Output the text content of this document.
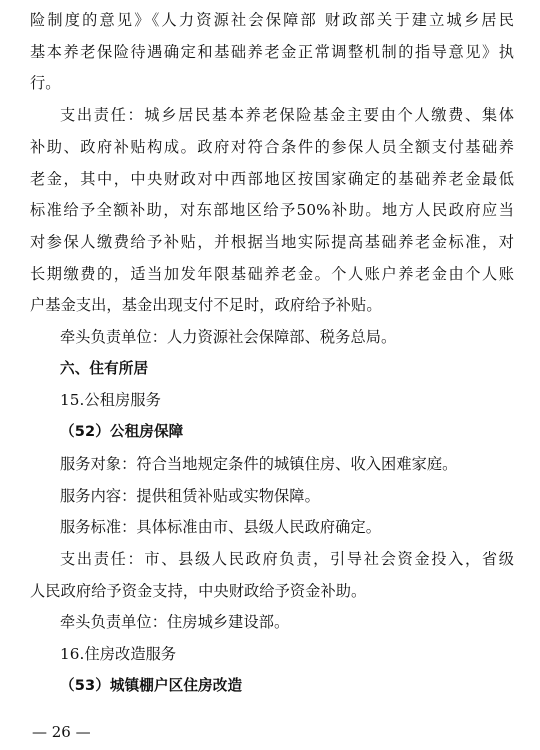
险制度的意见》《人力资源社会保障部 财政部关于建立城乡居民
基本养老保险待遇确定和基础养老金正常调整机制的指导意见》执
行。
支出责任：城乡居民基本养老保险基金主要由个人缴费、集体
补助、政府补贴构成。政府对符合条件的参保人员全额支付基础养
老金，其中，中央财政对中西部地区按国家确定的基础养老金最低
标准给予全额补助，对东部地区给予50%补助。地方人民政府应当
对参保人缴费给予补贴，并根据当地实际提高基础养老金标准，对
长期缴费的，适当加发年限基础养老金。个人账户养老金由个人账
户基金支出，基金出现支付不足时，政府给予补贴。
牵头负责单位：人力资源社会保障部、税务总局。
六、住有所居
15.公租房服务
（52）公租房保障
服务对象：符合当地规定条件的城镇住房、收入困难家庭。
服务内容：提供租赁补贴或实物保障。
服务标准：具体标准由市、县级人民政府确定。
支出责任：市、县级人民政府负责，引导社会资金投入，省级
人民政府给予资金支持，中央财政给予资金补助。
牵头负责单位：住房城乡建设部。
16.住房改造服务
（53）城镇棚户区住房改造
— 26 —
